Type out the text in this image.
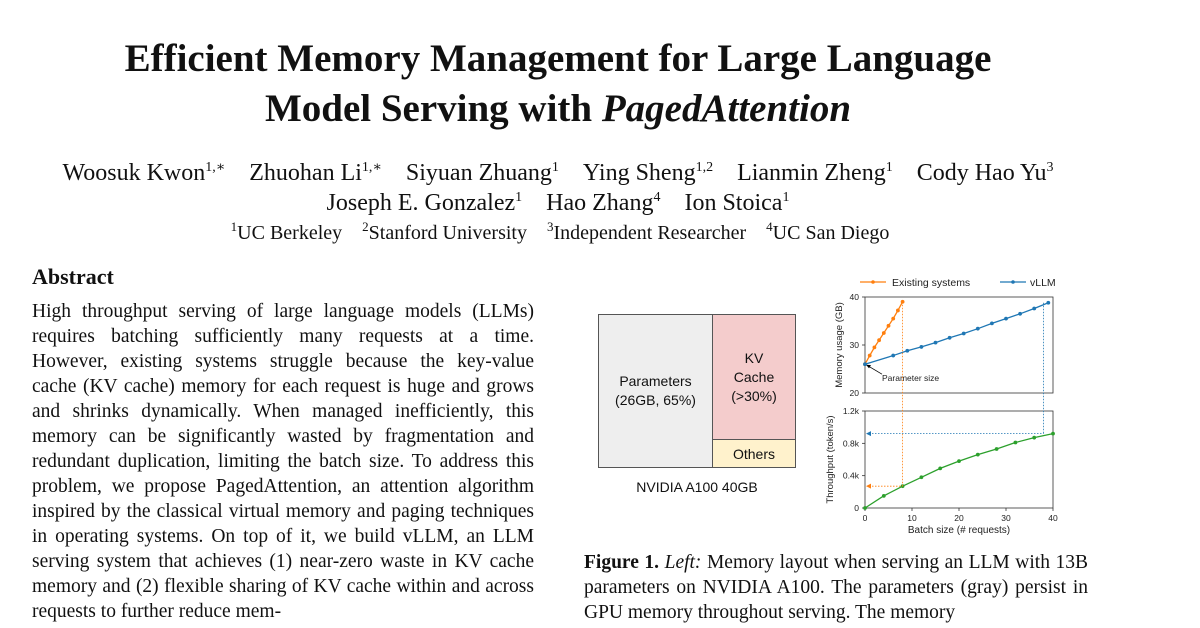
Efficient Memory Management for Large Language
Model Serving with PagedAttention
Woosuk Kwon$^{1,∗}$  Zhuohan $Li^{1,∗}$  Siyuan Zhuang$^1$  Ying Sheng$^{1,2}$  Lianmin Zheng$^1$  Cody Hao Yu$^3$
Joseph E. Gonzalez$^1$  Hao Zhang$^4$  Ion Stoica$^1$
$^1$UC Berkeley  $^2$Stanford University  $^3$Independent Researcher  $^4$UC San Diego
Abstract
High throughput serving of large language models (LLMs) requires batching sufficiently many requests at a time. However, existing systems struggle because the key-value cache (KV cache) memory for each request is huge and grows and shrinks dynamically. When managed inefficiently, this memory can be significantly wasted by fragmentation and redundant duplication, limiting the batch size. To address this problem, we propose PagedAttention, an attention algorithm inspired by the classical virtual memory and paging techniques in operating systems. On top of it, we build vLLM, an LLM serving system that achieves (1) near-zero waste in KV cache memory and (2) flexible sharing of KV cache within and across requests to further reduce mem-
Parameters
(26GB, 65%)
KV
Cache
(>30%)
Others
NVIDIA A100 40GB
Existing systems	vLLM
20
30
40
Memory usage (GB)
0
0.4k
0.8k
1.2k
Throughput (token/s)
0	10	20	30	40
Batch size (# requests)
Parameter size
Figure 1. Left: Memory layout when serving an LLM with 13B parameters on NVIDIA A100. The parameters (gray) persist in GPU memory throughout serving. The memory
